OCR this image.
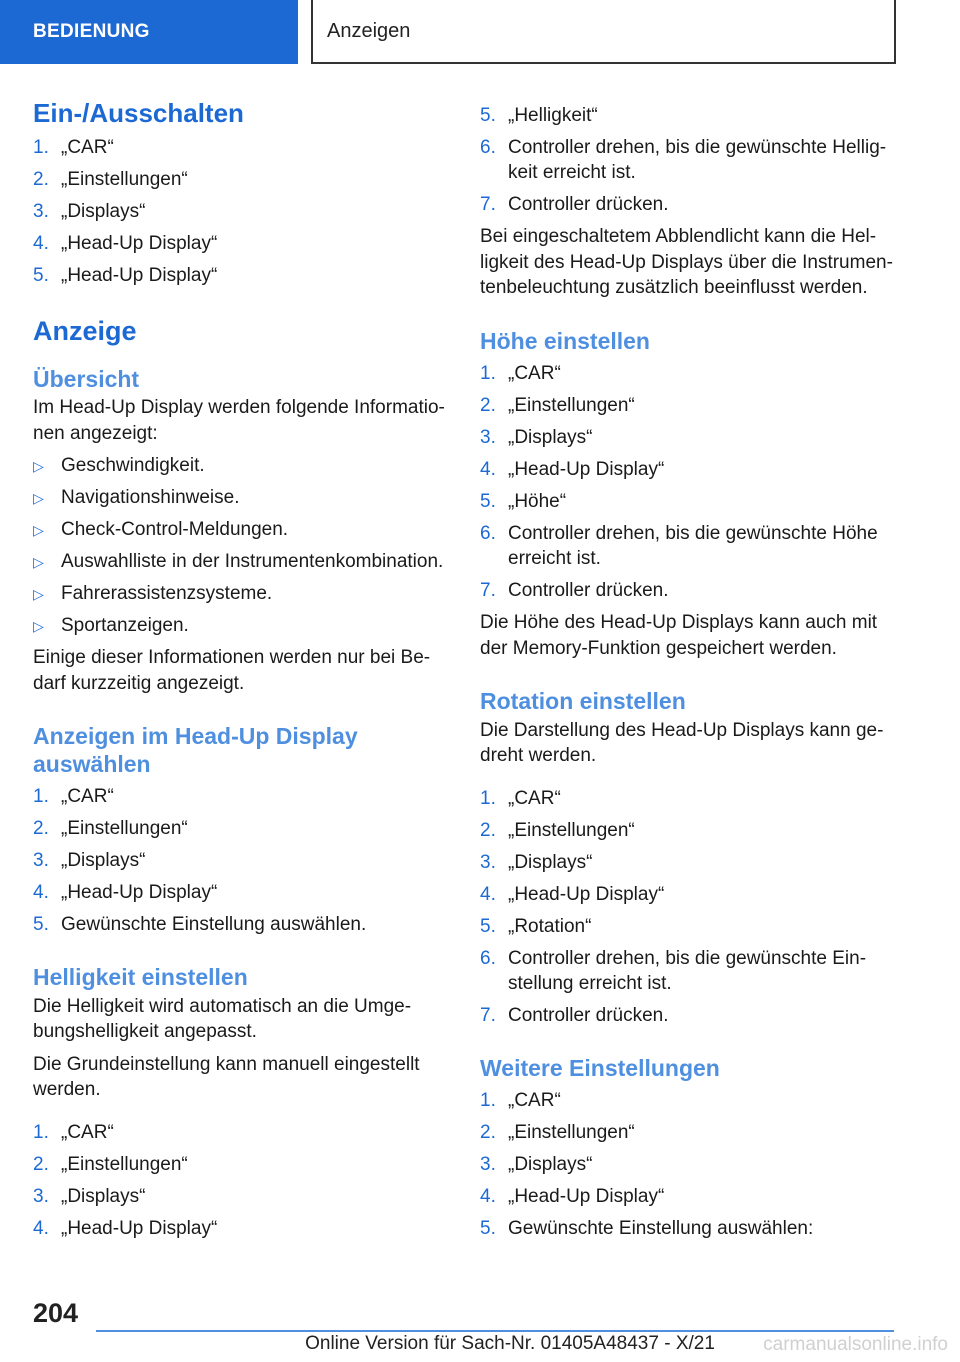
BEDIENUNG	Anzeigen
Ein-/Ausschalten
1. „CAR“
2. „Einstellungen“
3. „Displays“
4. „Head-Up Display“
5. „Head-Up Display“
Anzeige
Übersicht

Im Head-Up Display werden folgende Informatio-nen angezeigt:

▷ Geschwindigkeit.
▷ Navigationshinweise.
▷ Check-Control-Meldungen.
▷ Auswahlliste in der Instrumentenkombination.
▷ Fahrerassistenzsysteme.
▷ Sportanzeigen.

Einige dieser Informationen werden nur bei Be-darf kurzzeitig angezeigt.

Anzeigen im Head-Up Display auswählen
1. „CAR“
2. „Einstellungen“
3. „Displays“
4. „Head-Up Display“
5. Gewünschte Einstellung auswählen.
Helligkeit einstellen

Die Helligkeit wird automatisch an die Umge-bungshelligkeit angepasst.

Die Grundeinstellung kann manuell eingestellt werden.

1. „CAR“
2. „Einstellungen“
3. „Displays“
4. „Head-Up Display“
5. „Helligkeit“
6. Controller drehen, bis die gewünschte Hellig-keit erreicht ist.
7. Controller drücken.

Bei eingeschaltetem Abblendlicht kann die Hel-ligkeit des Head-Up Displays über die Instrumen-tenbeleuchtung zusätzlich beeinflusst werden.

Höhe einstellen
1. „CAR“
2. „Einstellungen“
3. „Displays“
4. „Head-Up Display“
5. „Höhe“
6. Controller drehen, bis die gewünschte Höhe erreicht ist.
7. Controller drücken.

Die Höhe des Head-Up Displays kann auch mit der Memory-Funktion gespeichert werden.

Rotation einstellen

Die Darstellung des Head-Up Displays kann ge-dreht werden.

1. „CAR“
2. „Einstellungen“
3. „Displays“
4. „Head-Up Display“
5. „Rotation“
6. Controller drehen, bis die gewünschte Ein-stellung erreicht ist.
7. Controller drücken.
Weitere Einstellungen
1. „CAR“
2. „Einstellungen“
3. „Displays“
4. „Head-Up Display“
5. Gewünschte Einstellung auswählen:
204
Online Version für Sach-Nr. 01405A48437 - X/21	carmanualsonline.info
